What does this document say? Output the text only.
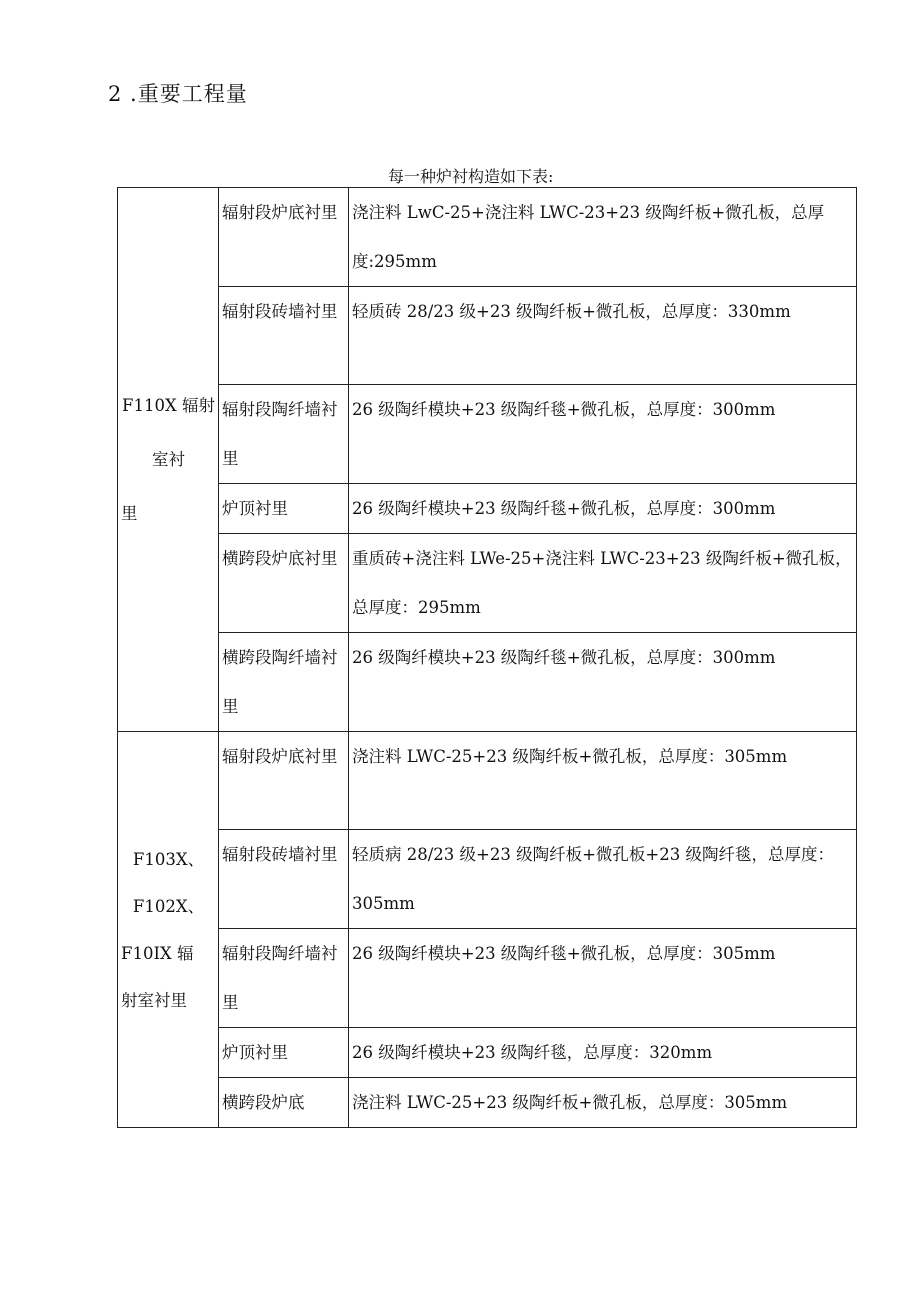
2 .重要工程量
每一种炉衬构造如下表:
F110X 辐射
室衬
里	辐射段炉底衬里	浇注料 LwC-25+浇注料 LWC-23+23 级陶纤板+微孔板，总厚度:295mm
	辐射段砖墙衬里	轻质砖 28/23 级+23 级陶纤板+微孔板，总厚度：330mm
	辐射段陶纤墙衬里	26 级陶纤模块+23 级陶纤毯+微孔板，总厚度：300mm
	炉顶衬里	26 级陶纤模块+23 级陶纤毯+微孔板，总厚度：300mm
	横跨段炉底衬里	重质砖+浇注料 LWe-25+浇注料 LWC-23+23 级陶纤板+微孔板，总厚度：295mm
	横跨段陶纤墙衬里	26 级陶纤模块+23 级陶纤毯+微孔板，总厚度：300mm

F103X、
F102X、
F10IX 辐
射室衬里	辐射段炉底衬里	浇注料 LWC-25+23 级陶纤板+微孔板，总厚度：305mm
	辐射段砖墙衬里	轻质病 28/23 级+23 级陶纤板+微孔板+23 级陶纤毯，总厚度：305mm
	辐射段陶纤墙衬里	26 级陶纤模块+23 级陶纤毯+微孔板，总厚度：305mm
	炉顶衬里	26 级陶纤模块+23 级陶纤毯，总厚度：320mm
	横跨段炉底	浇注料 LWC-25+23 级陶纤板+微孔板，总厚度：305mm
